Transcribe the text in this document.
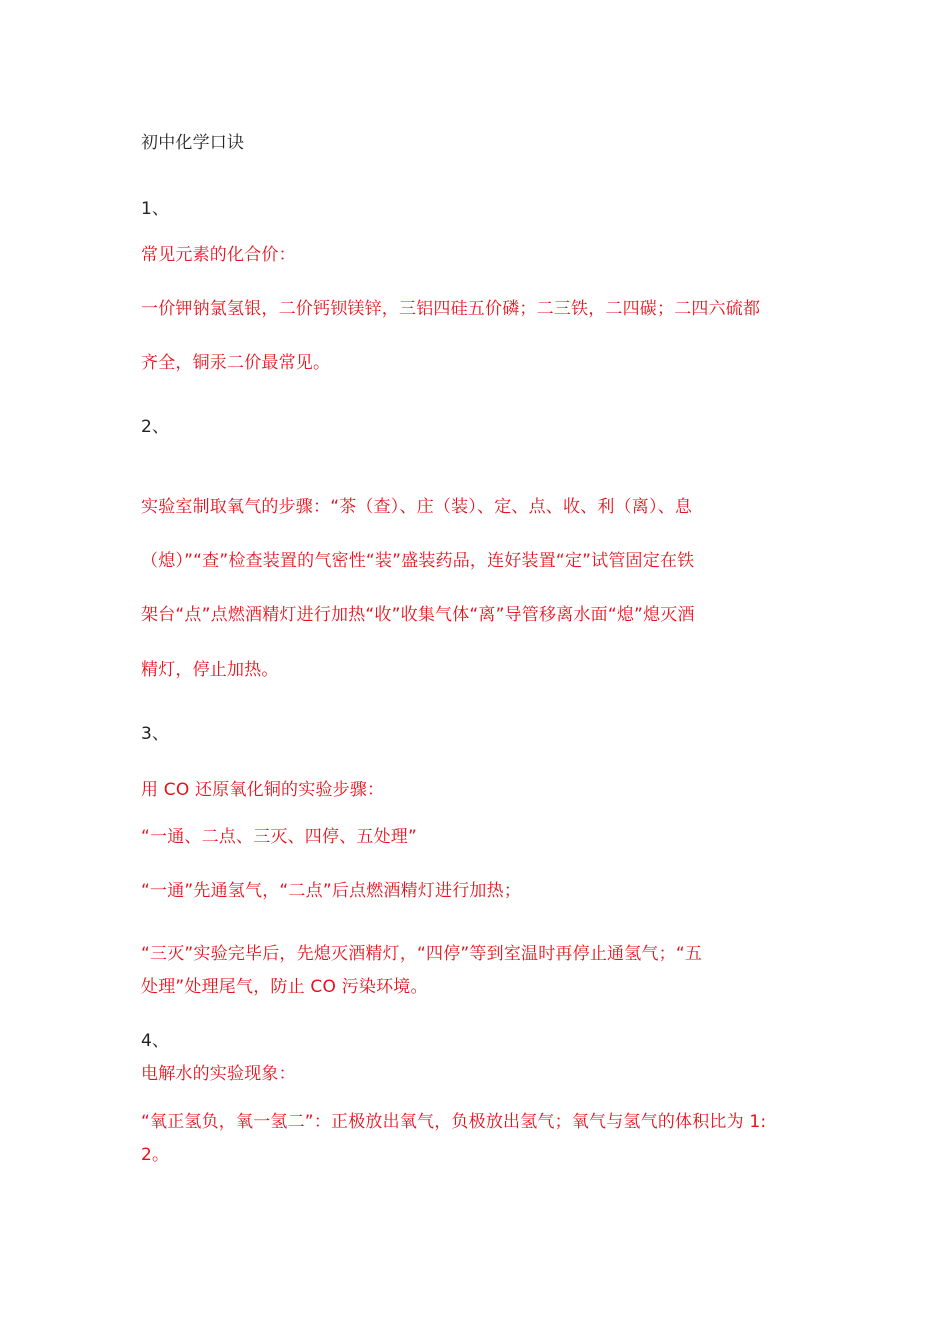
初中化学口诀
1、
常见元素的化合价：
一价钾钠氯氢银，二价钙钡镁锌，三铝四硅五价磷；二三铁，二四碳；二四六硫都
齐全，铜汞二价最常见。
2、
实验室制取氧气的步骤：“茶（查）、庄（装）、定、点、收、利（离）、息
（熄）”“查”检查装置的气密性“装”盛装药品，连好装置“定”试管固定在铁
架台“点”点燃酒精灯进行加热“收”收集气体“离”导管移离水面“熄”熄灭酒
精灯，停止加热。
3、
用 CO 还原氧化铜的实验步骤：
“一通、二点、三灭、四停、五处理”
“一通”先通氢气，“二点”后点燃酒精灯进行加热；
“三灭”实验完毕后，先熄灭酒精灯，“四停”等到室温时再停止通氢气；“五
处理”处理尾气，防止 CO 污染环境。
4、
电解水的实验现象：
“氧正氢负，氧一氢二”：正极放出氧气，负极放出氢气；氧气与氢气的体积比为 1:
2。
